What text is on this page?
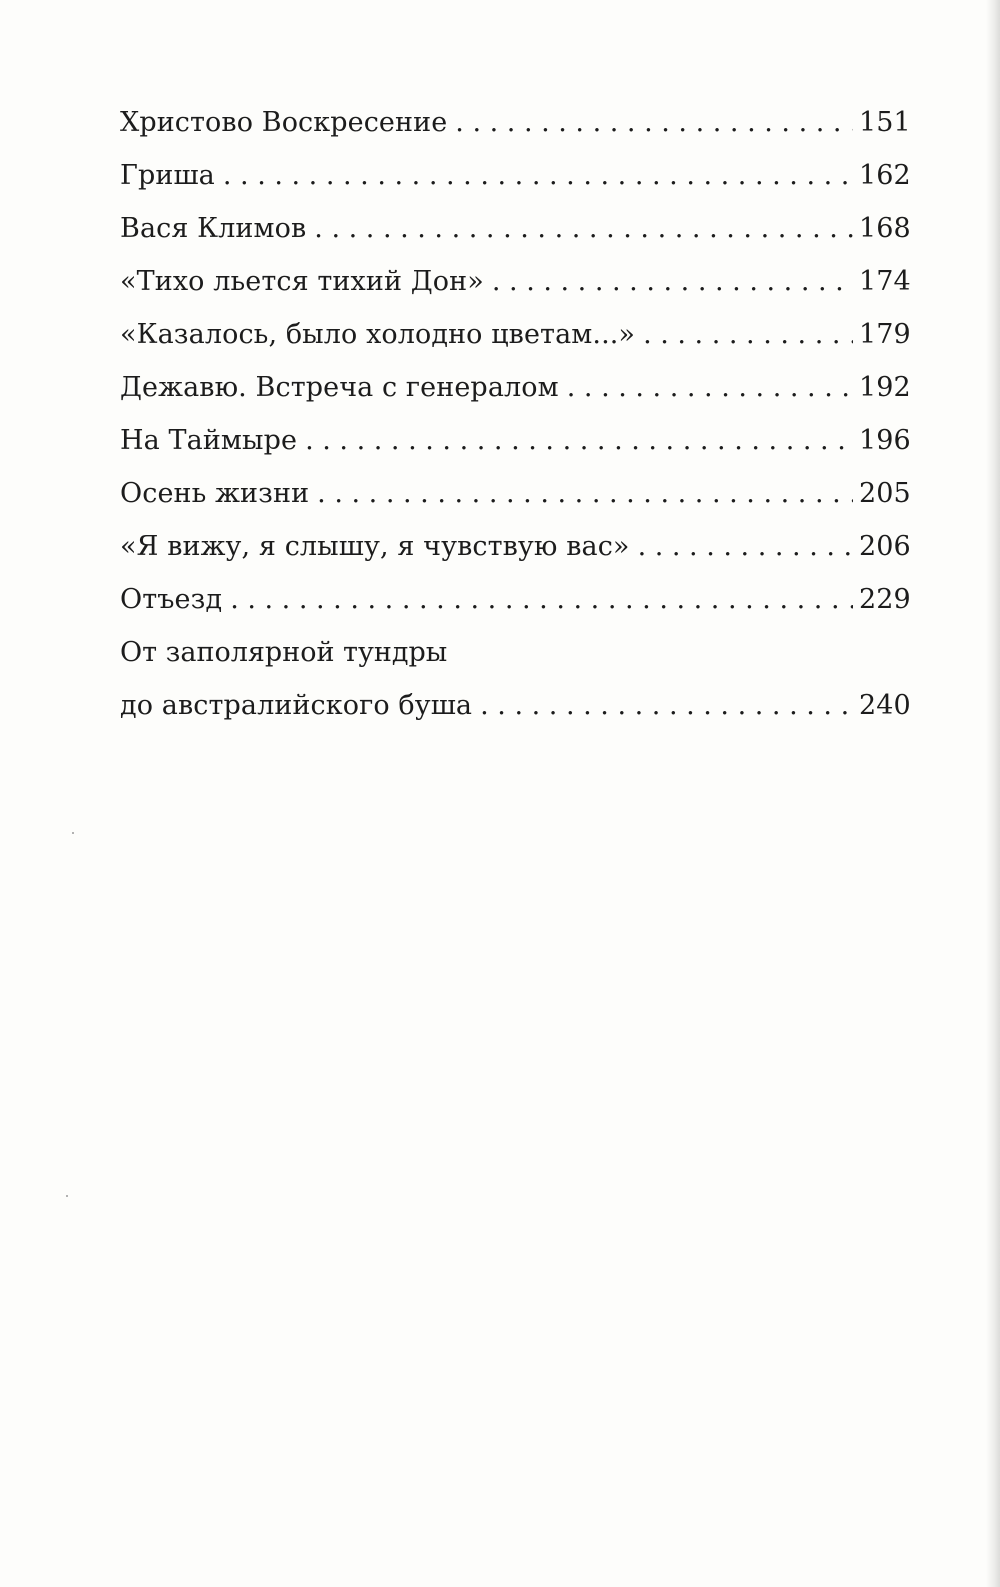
Христово Воскресение . . .	151
Гриша . . .	162
Вася Климов . . .	168
«Тихо льется тихий Дон» . . .	174
«Казалось, было холодно цветам...» . . .	179
Дежавю. Встреча с генералом . . .	192
На Таймыре . . .	196
Осень жизни . . .	205
«Я вижу, я слышу, я чувствую вас» . . .	206
Отъезд . . .	229
От заполярной тундры
до австралийского буша . . .	240
